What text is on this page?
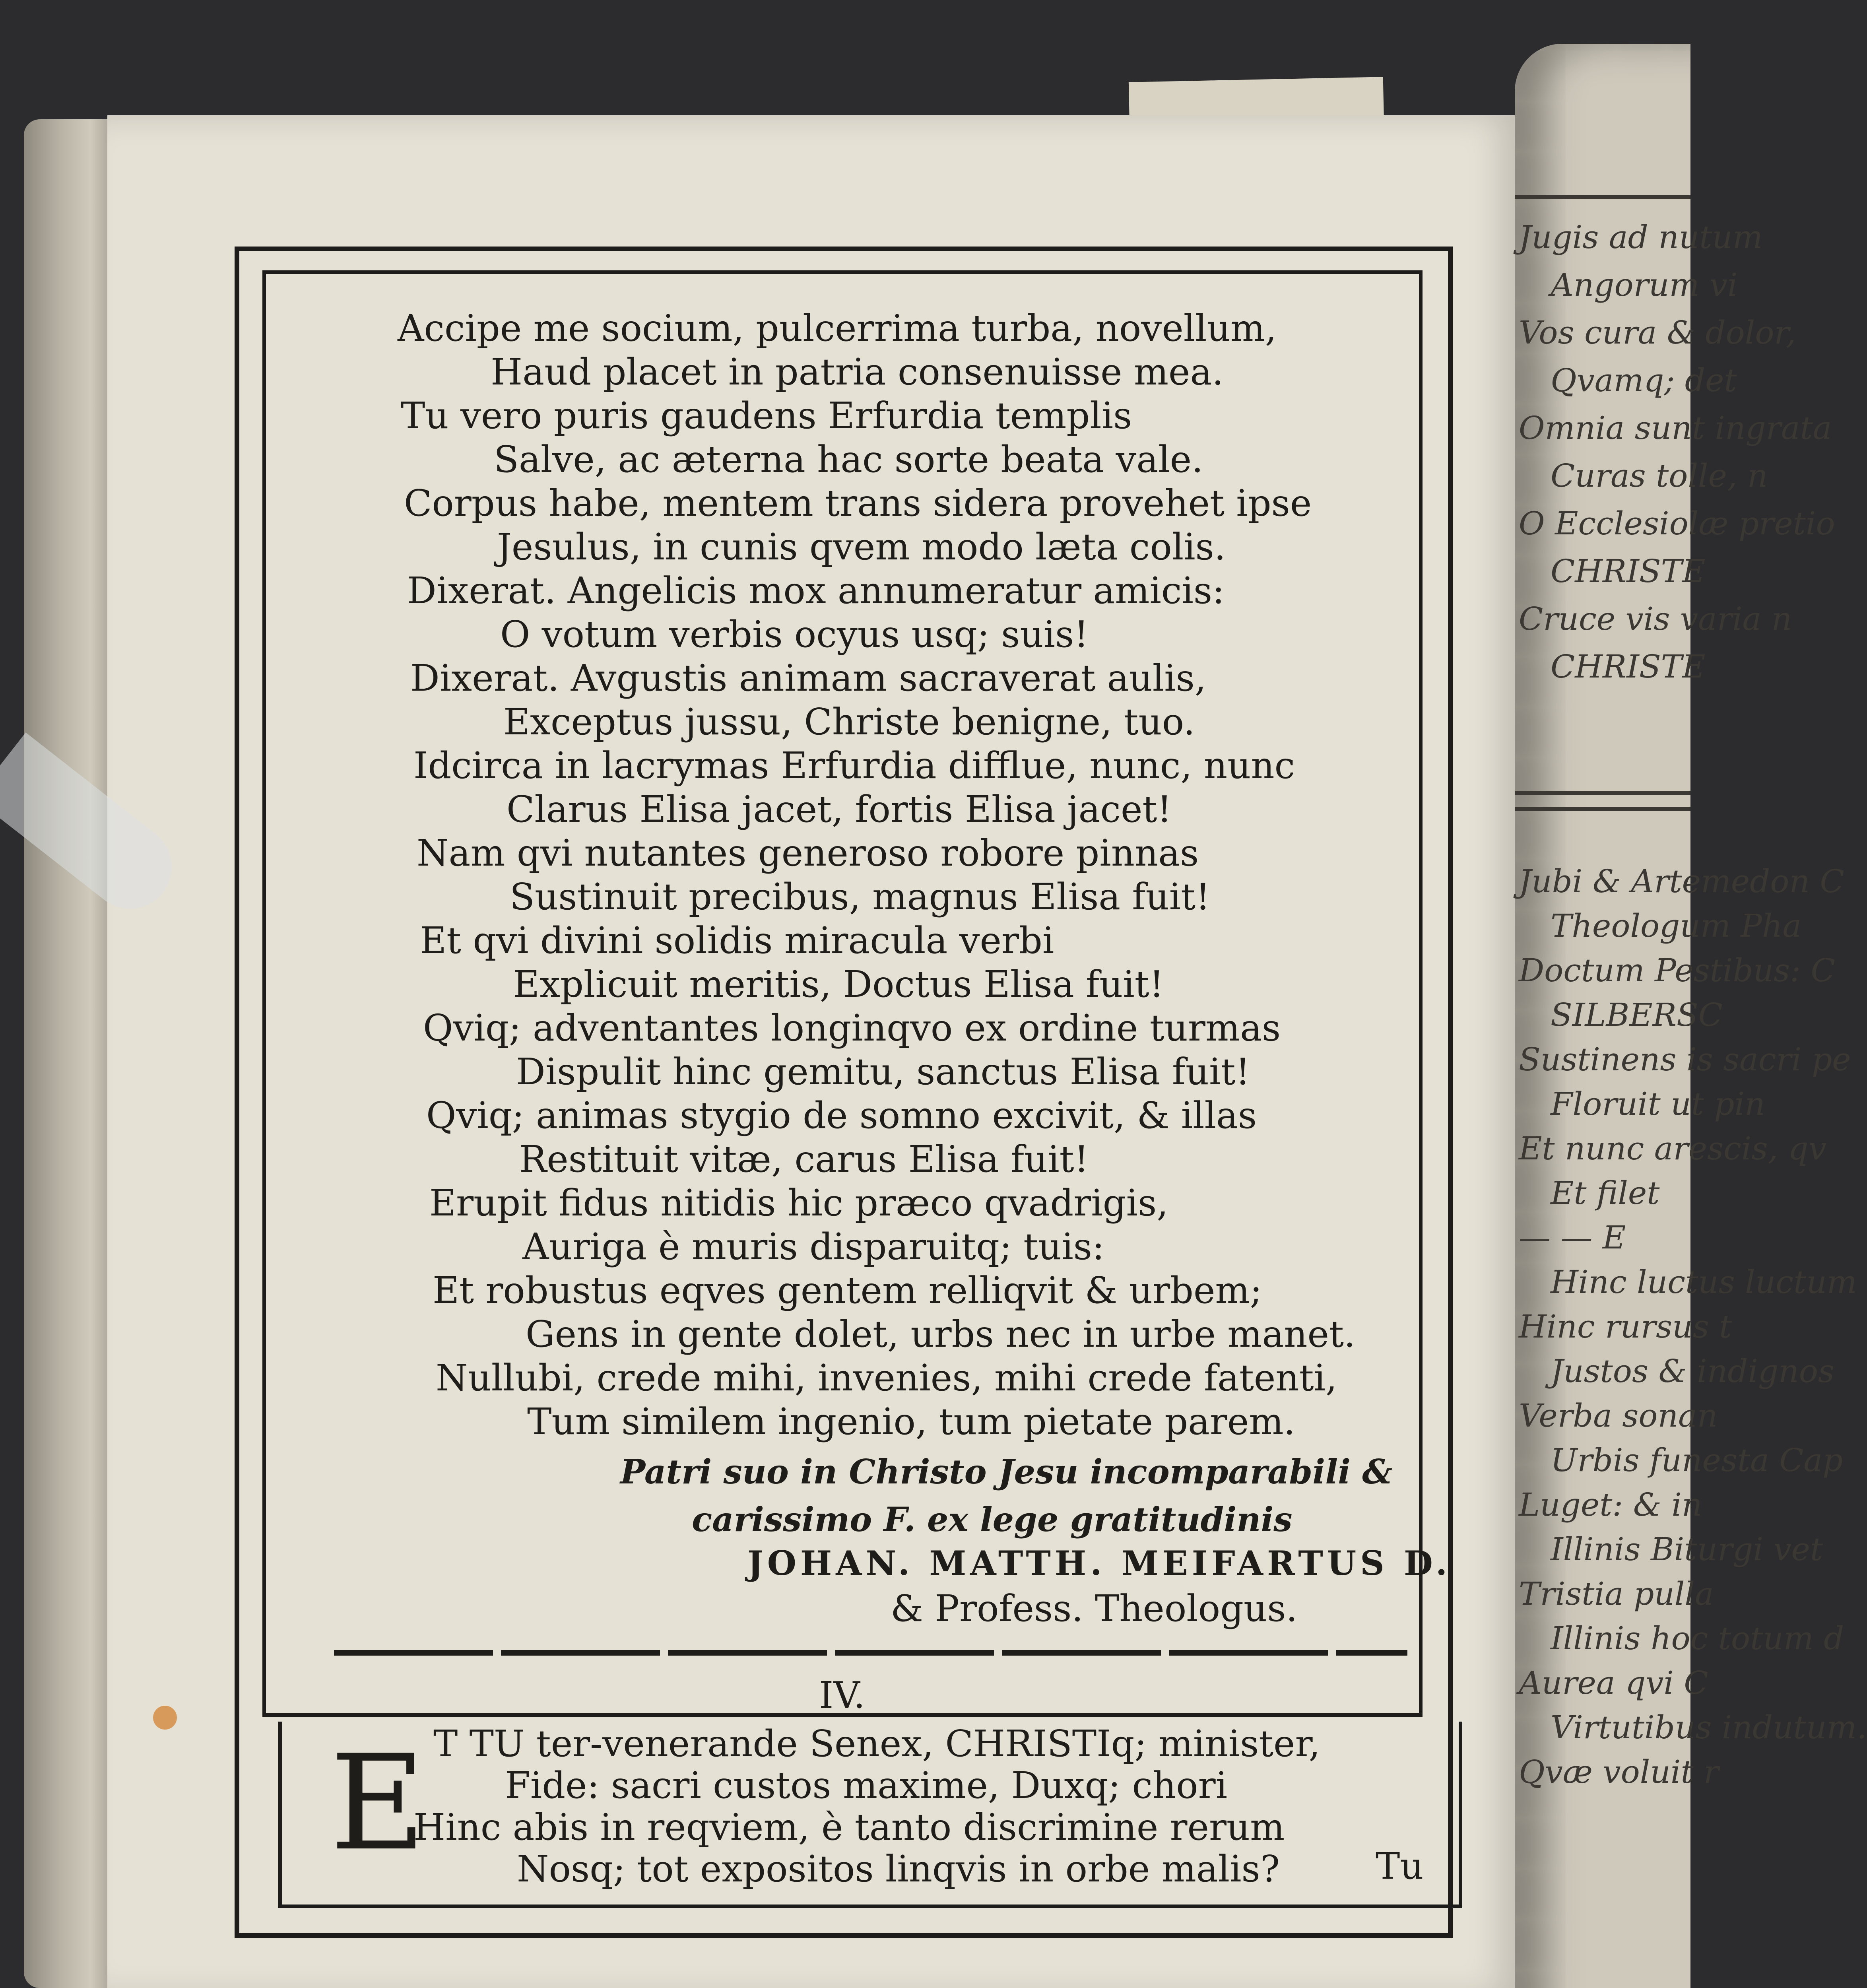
Jugis ad nutum
Angorum vi
Vos cura & dolor,
Qvamq; det
Omnia sunt ingrata
Curas tolle, n
O Ecclesiolæ pretio
CHRISTE
Cruce vis varia n
CHRISTE
Jubi & Artemedon C
Theologum Pha
Doctum Pestibus: C
SILBERSC
Sustinens is sacri pe
Floruit ut pin
Et nunc arescis, qv
Et filet
— — E
Hinc luctus luctum
Hinc rursus t
Justos & indignos
Verba sonan
Urbis funesta Cap
Luget: & in
Illinis Biturgi vet
Tristia pulla
Illinis hoc totum d
Aurea qvi C
Virtutibus indutum.
Qvæ voluit r
Accipe me socium, pulcerrima turba, novellum,
Haud placet in patria consenuisse mea.
Tu vero puris gaudens Erfurdia templis
Salve, ac æterna hac sorte beata vale.
Corpus habe, mentem trans sidera provehet ipse
Jesulus, in cunis qvem modo læta colis.
Dixerat. Angelicis mox annumeratur amicis:
O votum verbis ocyus usq; suis!
Dixerat. Avgustis animam sacraverat aulis,
Exceptus jussu, Christe benigne, tuo.
Idcirca in lacrymas Erfurdia difflue, nunc, nunc
Clarus Elisa jacet, fortis Elisa jacet!
Nam qvi nutantes generoso robore pinnas
Sustinuit precibus, magnus Elisa fuit!
Et qvi divini solidis miracula verbi
Explicuit meritis, Doctus Elisa fuit!
Qviq; adventantes longinqvo ex ordine turmas
Dispulit hinc gemitu, sanctus Elisa fuit!
Qviq; animas stygio de somno excivit, & illas
Restituit vitæ, carus Elisa fuit!
Erupit fidus nitidis hic præco qvadrigis,
Auriga è muris disparuitq; tuis:
Et robustus eqves gentem relliqvit & urbem;
Gens in gente dolet, urbs nec in urbe manet.
Nullubi, crede mihi, invenies, mihi crede fatenti,
Tum similem ingenio, tum pietate parem.
Patri suo in Christo Jesu incomparabili &
carissimo F. ex lege gratitudinis
JOHAN. MATTH. MEIFARTUS D.
& Profess. Theologus.
IV.
E T TU ter-venerande Senex, CHRISTIq; minister,
Fide: sacri custos maxime, Duxq; chori
Hinc abis in reqviem, è tanto discrimine rerum
Nosq; tot expositos linqvis in orbe malis?	Tu
